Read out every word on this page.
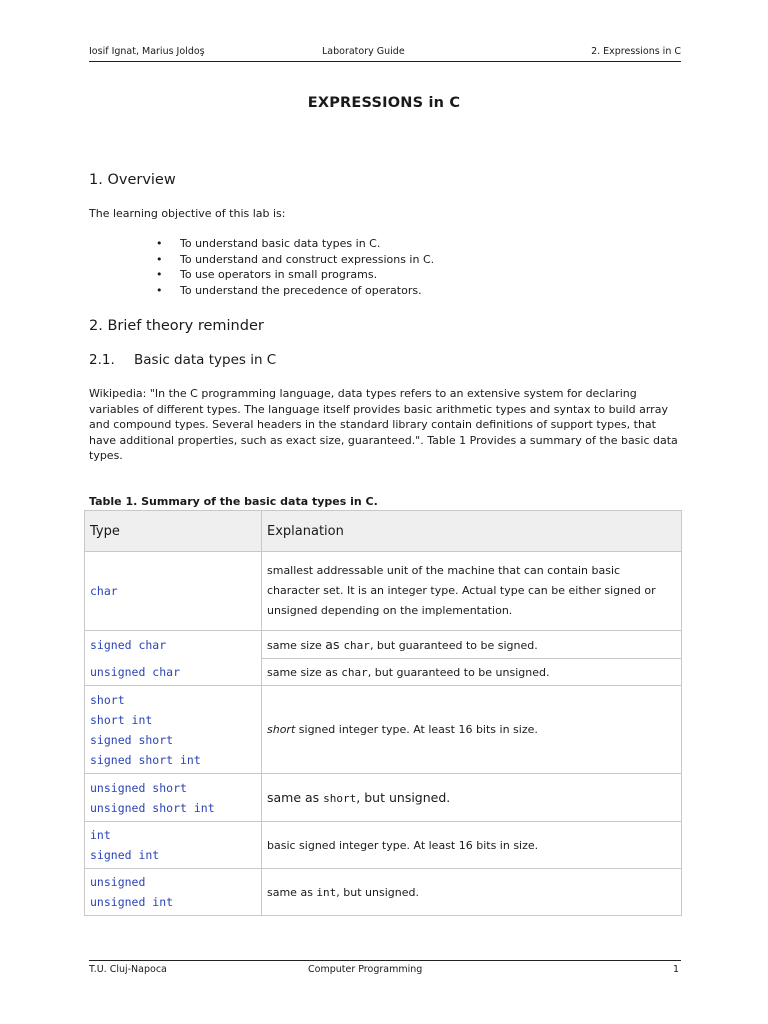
Iosif Ignat, Marius Joldoş	Laboratory Guide	2. Expressions in C
EXPRESSIONS in C
1. Overview
The learning objective of this lab is:
• To understand basic data types in C.
• To understand and construct expressions in C.
• To use operators in small programs.
• To understand the precedence of operators.
2. Brief theory reminder
2.1. Basic data types in C
Wikipedia: "In the C programming language, data types refers to an extensive system for declaring variables of different types. The language itself provides basic arithmetic types and syntax to build array and compound types. Several headers in the standard library contain definitions of support types, that have additional properties, such as exact size, guaranteed.". Table 1 Provides a summary of the basic data types.
Table 1. Summary of the basic data types in C.
Type	Explanation

char	smallest addressable unit of the machine that can contain basic character set. It is an integer type. Actual type can be either signed or unsigned depending on the implementation.

signed char	same size as char, but guaranteed to be signed.

unsigned char	same size as char, but guaranteed to be unsigned.

short
short int
signed short
signed short int	short signed integer type. At least 16 bits in size.

unsigned short
unsigned short int	same as short, but unsigned.

int
signed int	basic signed integer type. At least 16 bits in size.

unsigned
unsigned int	same as int, but unsigned.
T.U. Cluj-Napoca	Computer Programming	1
